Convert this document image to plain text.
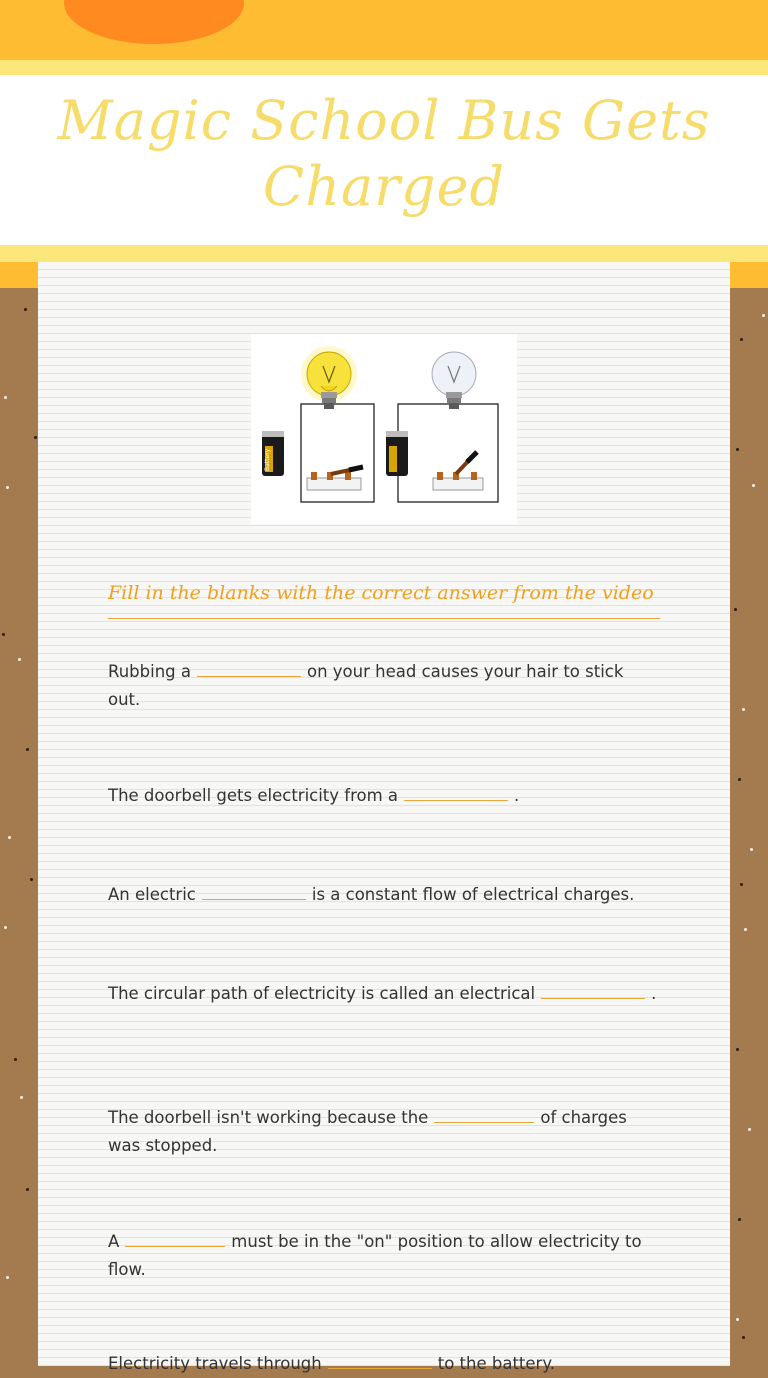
Magic School Bus Gets Charged
Battery
Fill in the blanks with the correct answer from the video
Rubbing a	on your head causes your hair to stick out.
The doorbell gets electricity from a	.
An electric	is a constant flow of electrical charges.
The circular path of electricity is called an electrical	.
The doorbell isn't working because the	of charges was stopped.
A	must be in the "on" position to allow electricity to flow.
Electricity travels through	to the battery.
